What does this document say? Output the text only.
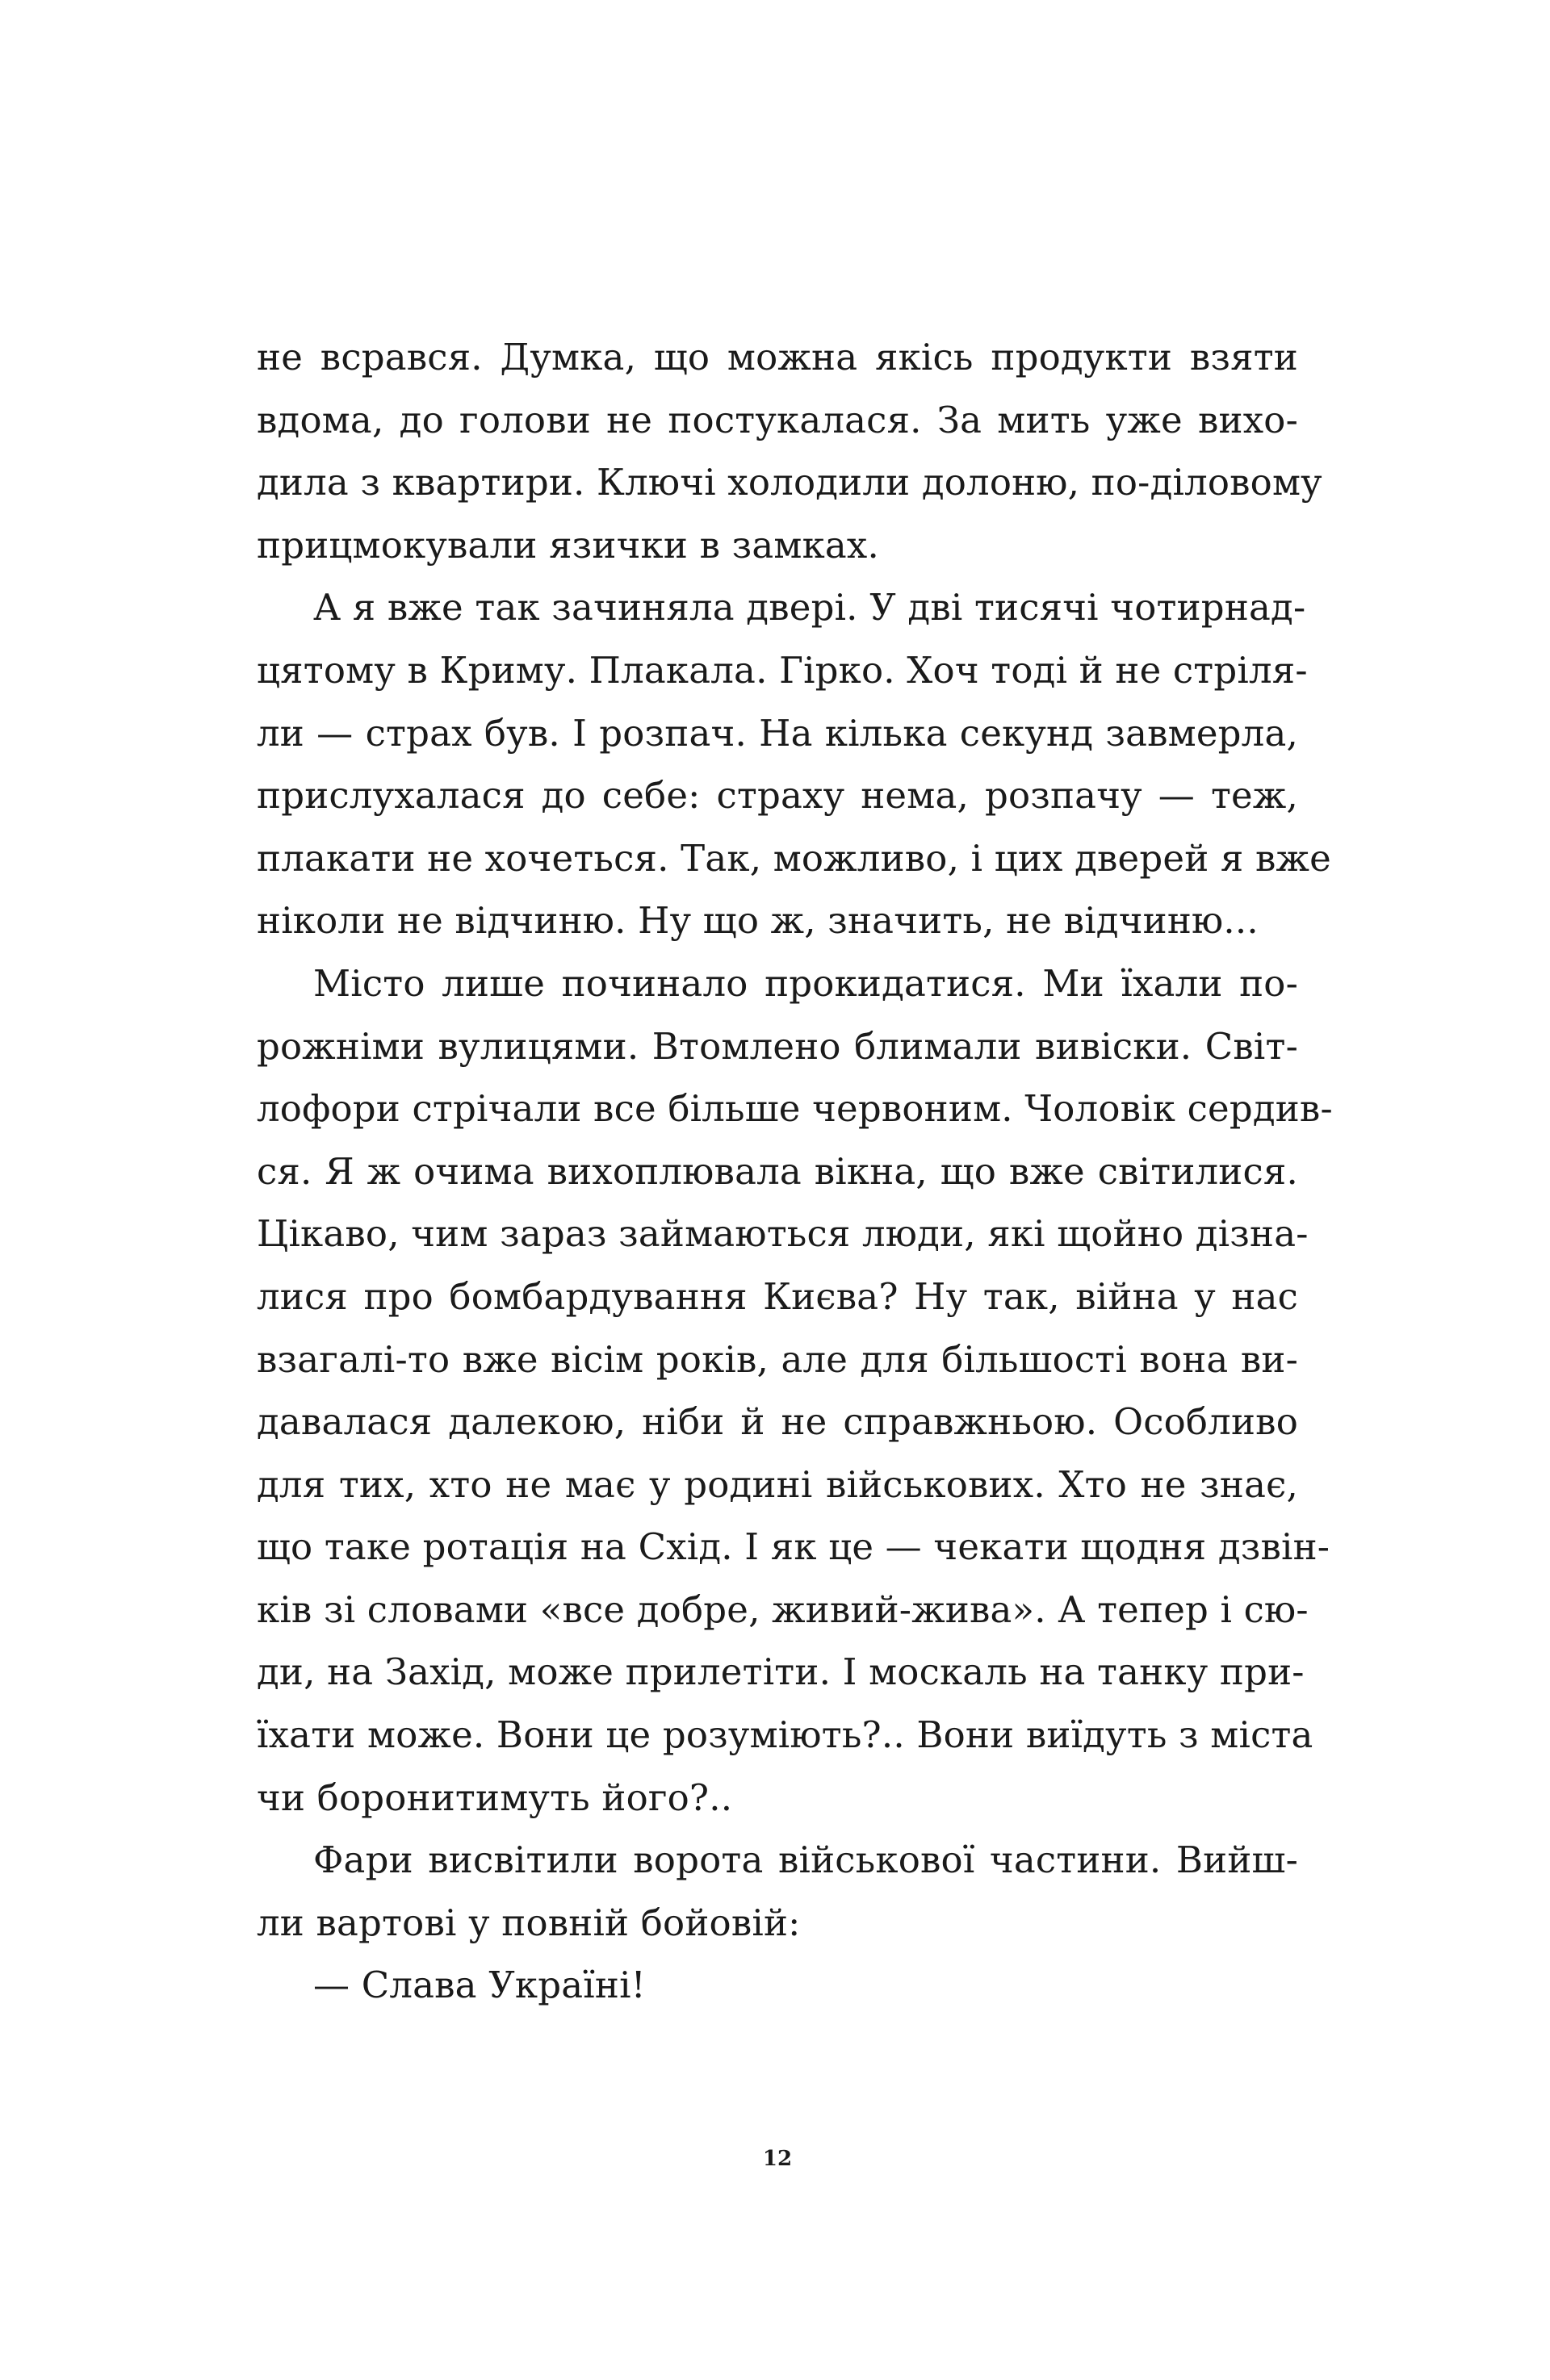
не всрався. Думка, що можна якісь продукти взяти
вдома, до голови не постукалася. За мить уже вихо-
дила з квартири. Ключі холодили долоню, по-діловому
прицмокували язички в замках.
А я вже так зачиняла двері. У дві тисячі чотирнад-
цятому в Криму. Плакала. Гірко. Хоч тоді й не стріля-
ли — страх був. І розпач. На кілька секунд завмерла,
прислухалася до себе: страху нема, розпачу — теж,
плакати не хочеться. Так, можливо, і цих дверей я вже
ніколи не відчиню. Ну що ж, значить, не відчиню...
Місто лише починало прокидатися. Ми їхали по-
рожніми вулицями. Втомлено блимали вивіски. Світ-
лофори стрічали все більше червоним. Чоловік сердив-
ся. Я ж очима вихоплювала вікна, що вже світилися.
Цікаво, чим зараз займаються люди, які щойно дізна-
лися про бомбардування Києва? Ну так, війна у нас
взагалі-то вже вісім років, але для більшості вона ви-
давалася далекою, ніби й не справжньою. Особливо
для тих, хто не має у родині військових. Хто не знає,
що таке ротація на Схід. І як це — чекати щодня дзвін-
ків зі словами «все добре, живий-жива». А тепер і сю-
ди, на Захід, може прилетіти. І москаль на танку при-
їхати може. Вони це розуміють?.. Вони виїдуть з міста
чи боронитимуть його?..
Фари висвітили ворота військової частини. Вийш-
ли вартові у повній бойовій:
— Слава Україні!
12
